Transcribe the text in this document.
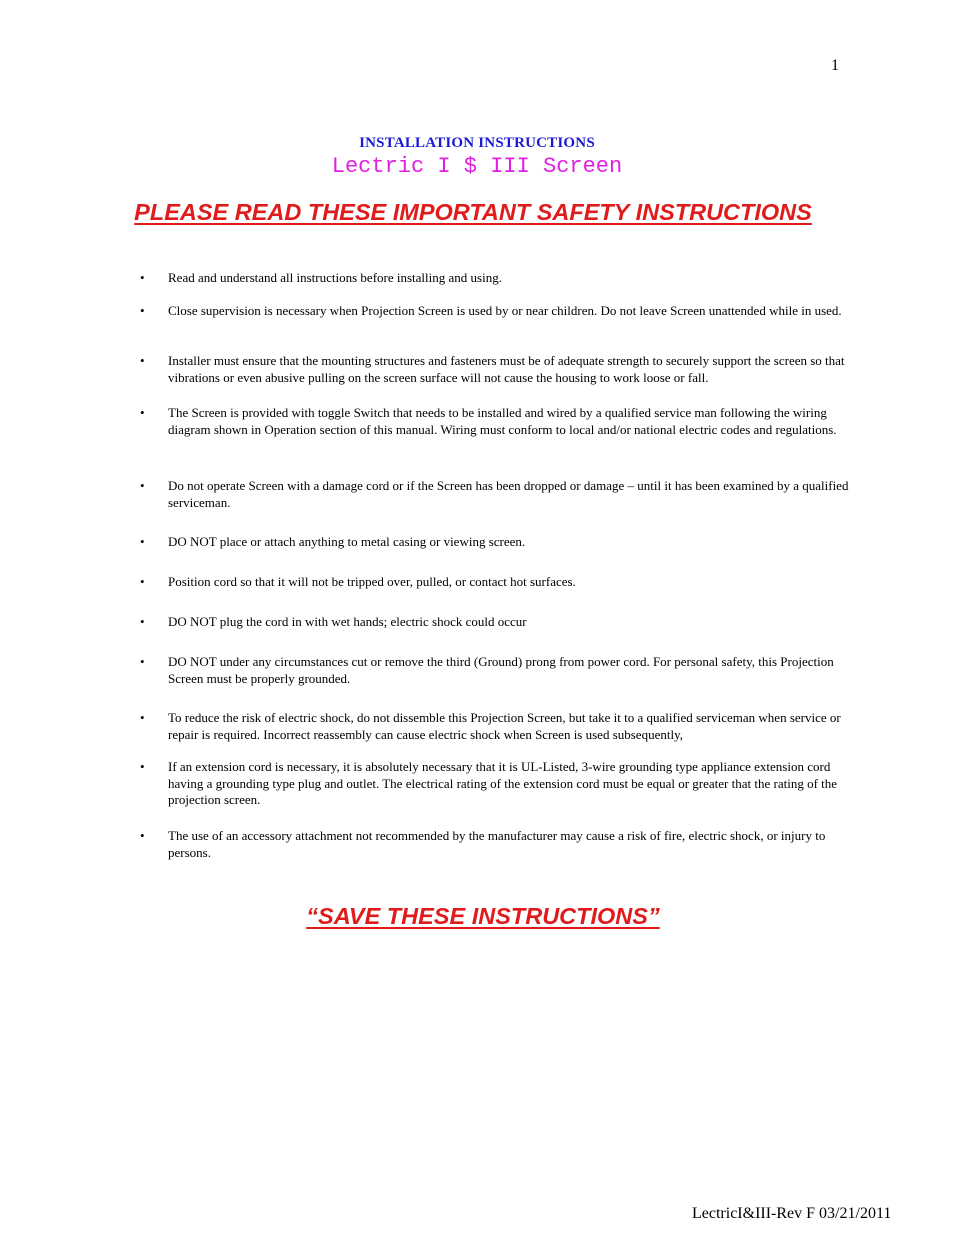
1
INSTALLATION INSTRUCTIONS
Lectric I $ III Screen
PLEASE READ THESE IMPORTANT SAFETY INSTRUCTIONS
• Read and understand all instructions before installing and using.
• Close supervision is necessary when Projection Screen is used by or near children. Do not leave Screen unattended while in used.
• Installer must ensure that the mounting structures and fasteners must be of adequate strength to securely support the screen so that vibrations or even abusive pulling on the screen surface will not cause the housing to work loose or fall.
• The Screen is provided with toggle Switch that needs to be installed and wired by a qualified service man following the wiring diagram shown in Operation section of this manual. Wiring must conform to local and/or national electric codes and regulations.
• Do not operate Screen with a damage cord or if the Screen has been dropped or damage – until it has been examined by a qualified serviceman.
• DO NOT place or attach anything to metal casing or viewing screen.
• Position cord so that it will not be tripped over, pulled, or contact hot surfaces.
• DO NOT plug the cord in with wet hands; electric shock could occur
• DO NOT under any circumstances cut or remove the third (Ground) prong from power cord. For personal safety, this Projection Screen must be properly grounded.
• To reduce the risk of electric shock, do not dissemble this Projection Screen, but take it to a qualified serviceman when service or repair is required. Incorrect reassembly can cause electric shock when Screen is used subsequently,
• If an extension cord is necessary, it is absolutely necessary that it is UL-Listed, 3-wire grounding type appliance extension cord having a grounding type plug and outlet. The electrical rating of the extension cord must be equal or greater that the rating of the projection screen.
• The use of an accessory attachment not recommended by the manufacturer may cause a risk of fire, electric shock, or injury to persons.
“SAVE THESE INSTRUCTIONS”
LectricI&III-Rev F 03/21/2011
